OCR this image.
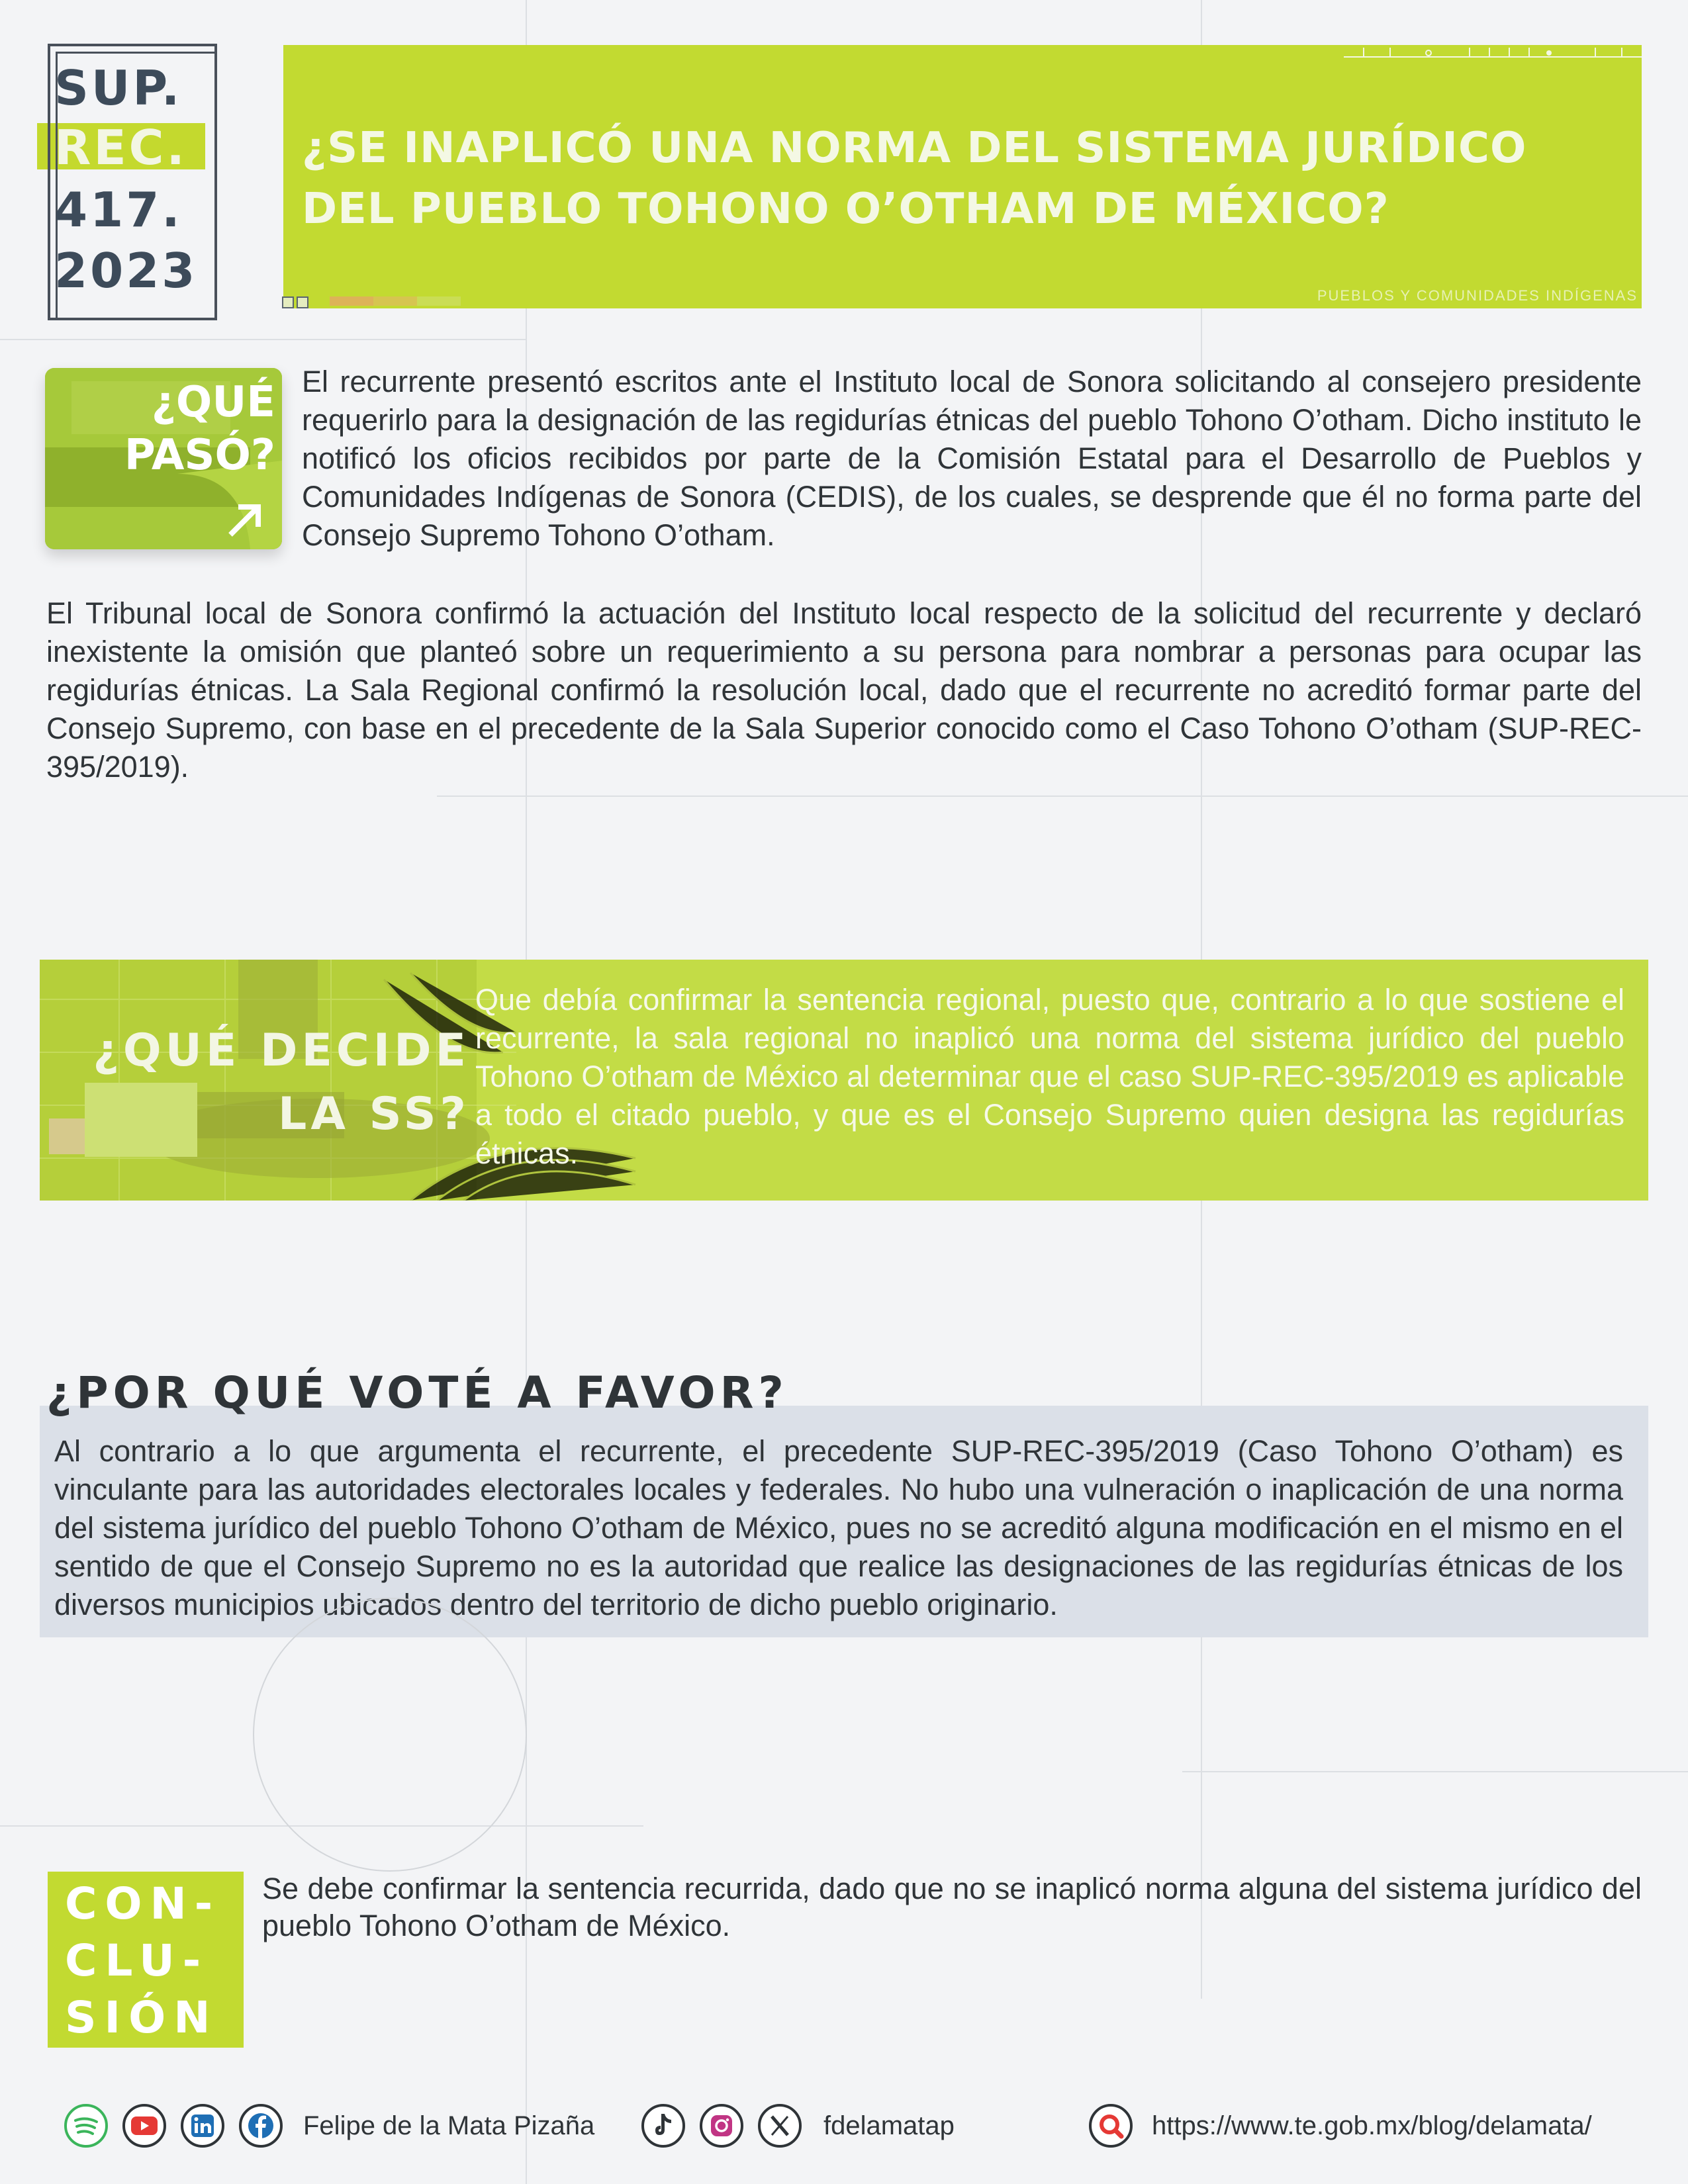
SUP.
REC.
417.
2023
¿SE INAPLICÓ UNA NORMA DEL SISTEMA JURÍDICO DEL PUEBLO TOHONO O’OTHAM DE MÉXICO?
PUEBLOS Y COMUNIDADES INDÍGENAS
¿QUÉ
PASÓ?
El recurrente presentó escritos ante el Instituto local de Sonora solicitando al consejero presidente requerirlo para la designación de las regidurías étnicas del pueblo Tohono O’otham. Dicho instituto le notificó los oficios recibidos por parte de la Comisión Estatal para el Desarrollo de Pueblos y Comunidades Indígenas de Sonora (CEDIS), de los cuales, se desprende que él no forma parte del Consejo Supremo Tohono O’otham.
El Tribunal local de Sonora confirmó la actuación del Instituto local respecto de la solicitud del recurrente y declaró inexistente la omisión que planteó sobre un requerimiento a su persona para nombrar a personas para ocupar las regidurías étnicas. La Sala Regional confirmó la resolución local, dado que el recurrente no acreditó formar parte del Consejo Supremo, con base en el precedente de la Sala Superior conocido como el Caso Tohono O’otham (SUP-REC-395/2019).
¿QUÉ DECIDE
LA SS?
Que debía confirmar la sentencia regional, puesto que, contrario a lo que sostiene el recurrente, la sala regional no inaplicó una norma del sistema jurídico del pueblo Tohono O’otham de México al determinar que el caso SUP-REC-395/2019 es aplicable a todo el citado pueblo, y que es el Consejo Supremo quien designa las regidurías étnicas.
¿POR QUÉ VOTÉ A FAVOR?
Al contrario a lo que argumenta el recurrente, el precedente SUP-REC-395/2019 (Caso Tohono O’otham) es vinculante para las autoridades electorales locales y federales. No hubo una vulneración o inaplicación de una norma del sistema jurídico del pueblo Tohono O’otham de México, pues no se acreditó alguna modificación en el mismo en el sentido de que el Consejo Supremo no es la autoridad que realice las designaciones de las regidurías étnicas de los diversos municipios ubicados dentro del territorio de dicho pueblo originario.
CON-
CLU-
SIÓN
Se debe confirmar la sentencia recurrida, dado que no se inaplicó norma alguna del sistema jurídico del pueblo Tohono O’otham de México.
Felipe de la Mata Pizaña	fdelamatap	https://www.te.gob.mx/blog/delamata/
